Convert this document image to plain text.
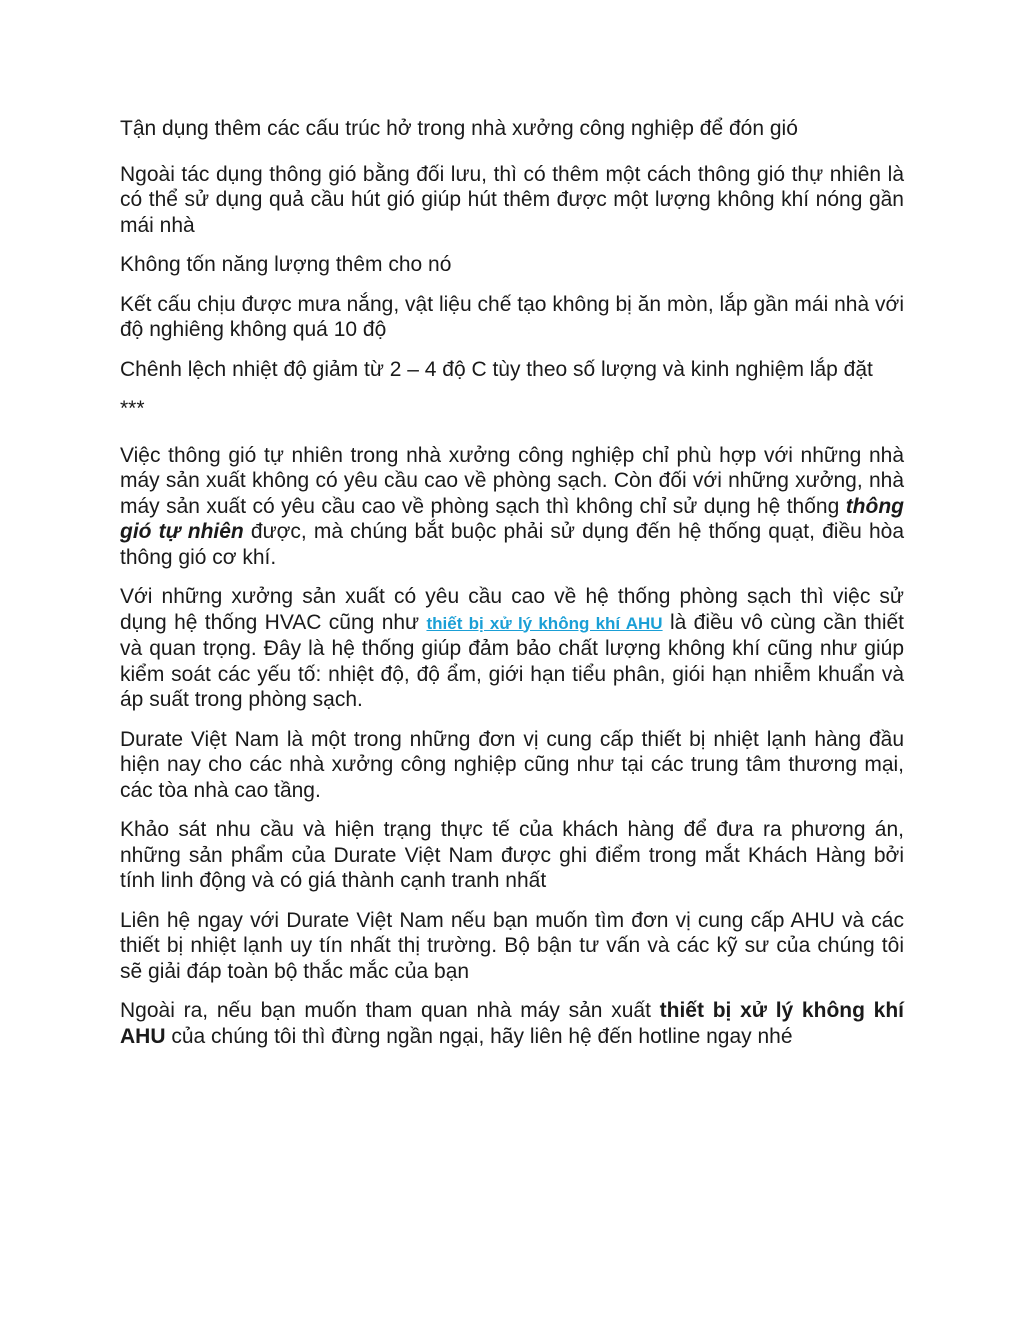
Tận dụng thêm các cấu trúc hở trong nhà xưởng công nghiệp để đón gió

Ngoài tác dụng thông gió bằng đối lưu, thì có thêm một cách thông gió thự nhiên là có thể sử dụng quả cầu hút gió giúp hút thêm được một lượng không khí nóng gần mái nhà

Không tốn năng lượng thêm cho nó

Kết cấu chịu được mưa nắng, vật liệu chế tạo không bị ăn mòn, lắp gần mái nhà với độ nghiêng không quá 10 độ

Chênh lệch nhiệt độ giảm từ 2 – 4 độ C tùy theo số lượng và kinh nghiệm lắp đặt

***

Việc thông gió tự nhiên trong nhà xưởng công nghiệp chỉ phù hợp với những nhà máy sản xuất không có yêu cầu cao về phòng sạch. Còn đối với những xưởng, nhà máy sản xuất có yêu cầu cao về phòng sạch thì không chỉ sử dụng hệ thống thông gió tự nhiên được, mà chúng bắt buộc phải sử dụng đến hệ thống quạt, điều hòa thông gió cơ khí.

Với những xưởng sản xuất có yêu cầu cao về hệ thống phòng sạch thì việc sử dụng hệ thống HVAC cũng như thiết bị xử lý không khí AHU là điều vô cùng cần thiết và quan trọng. Đây là hệ thống giúp đảm bảo chất lượng không khí cũng như giúp kiểm soát các yếu tố: nhiệt độ, độ ẩm, giới hạn tiểu phân, giói hạn nhiễm khuẩn và áp suất trong phòng sạch.

Durate Việt Nam là một trong những đơn vị cung cấp thiết bị nhiệt lạnh hàng đầu hiện nay cho các nhà xưởng công nghiệp cũng như tại các trung tâm thương mại, các tòa nhà cao tầng.

Khảo sát nhu cầu và hiện trạng thực tế của khách hàng để đưa ra phương án, những sản phẩm của Durate Việt Nam được ghi điểm trong mắt Khách Hàng bởi tính linh động và có giá thành cạnh tranh nhất

Liên hệ ngay với Durate Việt Nam nếu bạn muốn tìm đơn vị cung cấp AHU và các thiết bị nhiệt lạnh uy tín nhất thị trường. Bộ bận tư vấn và các kỹ sư của chúng tôi sẽ giải đáp toàn bộ thắc mắc của bạn

Ngoài ra, nếu bạn muốn tham quan nhà máy sản xuất thiết bị xử lý không khí AHU của chúng tôi thì đừng ngần ngại, hãy liên hệ đến hotline ngay nhé
